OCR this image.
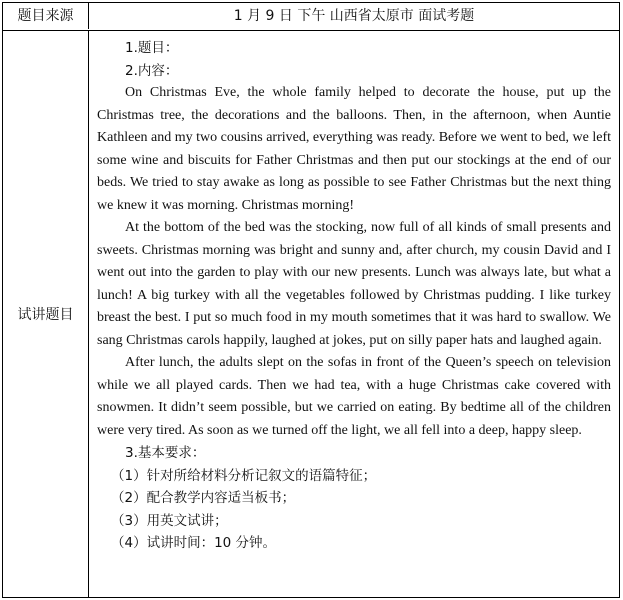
题目来源	1 月 9 日 下午 山西省太原市 面试考题
试讲题目

1.题目：

2.内容：

On Christmas Eve, the whole family helped to decorate the house, put up the Christmas tree, the decorations and the balloons. Then, in the afternoon, when Auntie Kathleen and my two cousins arrived, everything was ready. Before we went to bed, we left some wine and biscuits for Father Christmas and then put our stockings at the end of our beds. We tried to stay awake as long as possible to see Father Christmas but the next thing we knew it was morning. Christmas morning!

At the bottom of the bed was the stocking, now full of all kinds of small presents and sweets. Christmas morning was bright and sunny and, after church, my cousin David and I went out into the garden to play with our new presents. Lunch was always late, but what a lunch! A big turkey with all the vegetables followed by Christmas pudding. I like turkey breast the best. I put so much food in my mouth sometimes that it was hard to swallow. We sang Christmas carols happily, laughed at jokes, put on silly paper hats and laughed again.

After lunch, the adults slept on the sofas in front of the Queen’s speech on television while we all played cards. Then we had tea, with a huge Christmas cake covered with snowmen. It didn’t seem possible, but we carried on eating. By bedtime all of the children were very tired. As soon as we turned off the light, we all fell into a deep, happy sleep.

3.基本要求：

（1）针对所给材料分析记叙文的语篇特征；

（2）配合教学内容适当板书；

（3）用英文试讲；

（4）试讲时间：10 分钟。
